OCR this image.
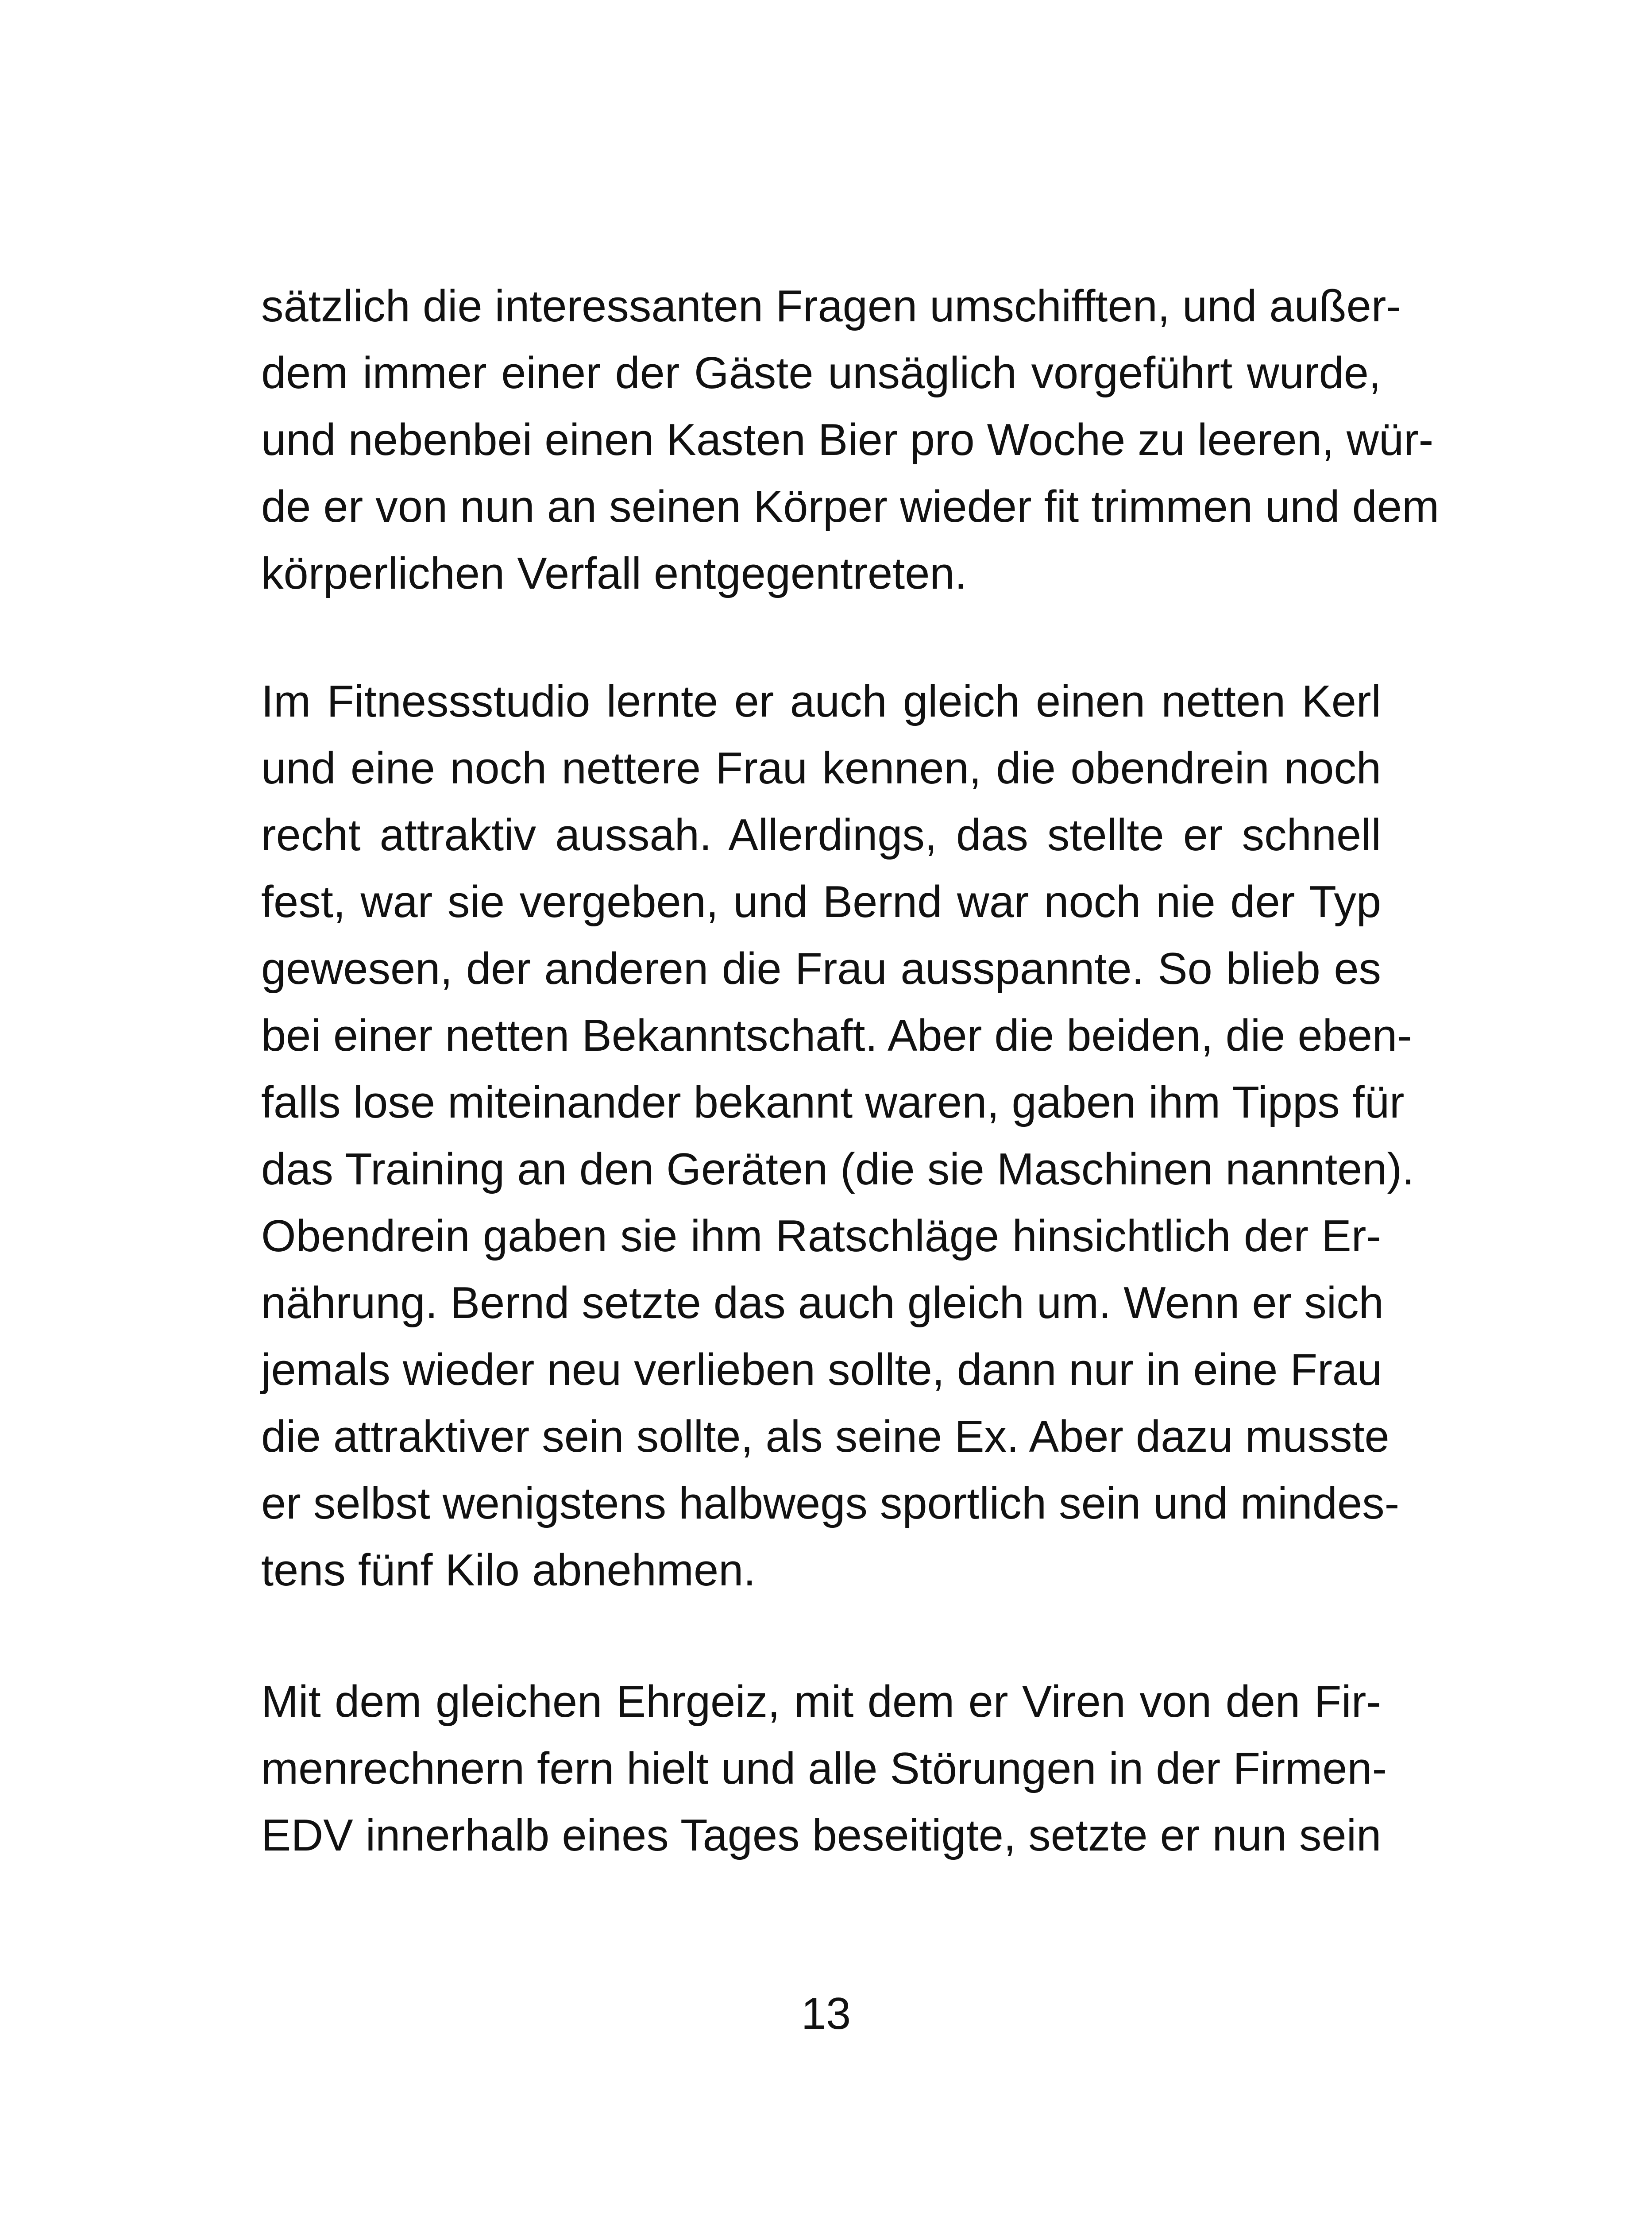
sätzlich die interessanten Fragen umschifften, und außer-
dem immer einer der Gäste unsäglich vorgeführt wurde,
und nebenbei einen Kasten Bier pro Woche zu leeren, wür-
de er von nun an seinen Körper wieder fit trimmen und dem
körperlichen Verfall entgegentreten.
Im Fitnessstudio lernte er auch gleich einen netten Kerl
und eine noch nettere Frau kennen, die obendrein noch
recht attraktiv aussah. Allerdings, das stellte er schnell
fest, war sie vergeben, und Bernd war noch nie der Typ
gewesen, der anderen die Frau ausspannte. So blieb es
bei einer netten Bekanntschaft. Aber die beiden, die eben-
falls lose miteinander bekannt waren, gaben ihm Tipps für
das Training an den Geräten (die sie Maschinen nannten).
Obendrein gaben sie ihm Ratschläge hinsichtlich der Er-
nährung. Bernd setzte das auch gleich um. Wenn er sich
jemals wieder neu verlieben sollte, dann nur in eine Frau
die attraktiver sein sollte, als seine Ex. Aber dazu musste
er selbst wenigstens halbwegs sportlich sein und mindes-
tens fünf Kilo abnehmen.
Mit dem gleichen Ehrgeiz, mit dem er Viren von den Fir-
menrechnern fern hielt und alle Störungen in der Firmen-
EDV innerhalb eines Tages beseitigte, setzte er nun sein
13
